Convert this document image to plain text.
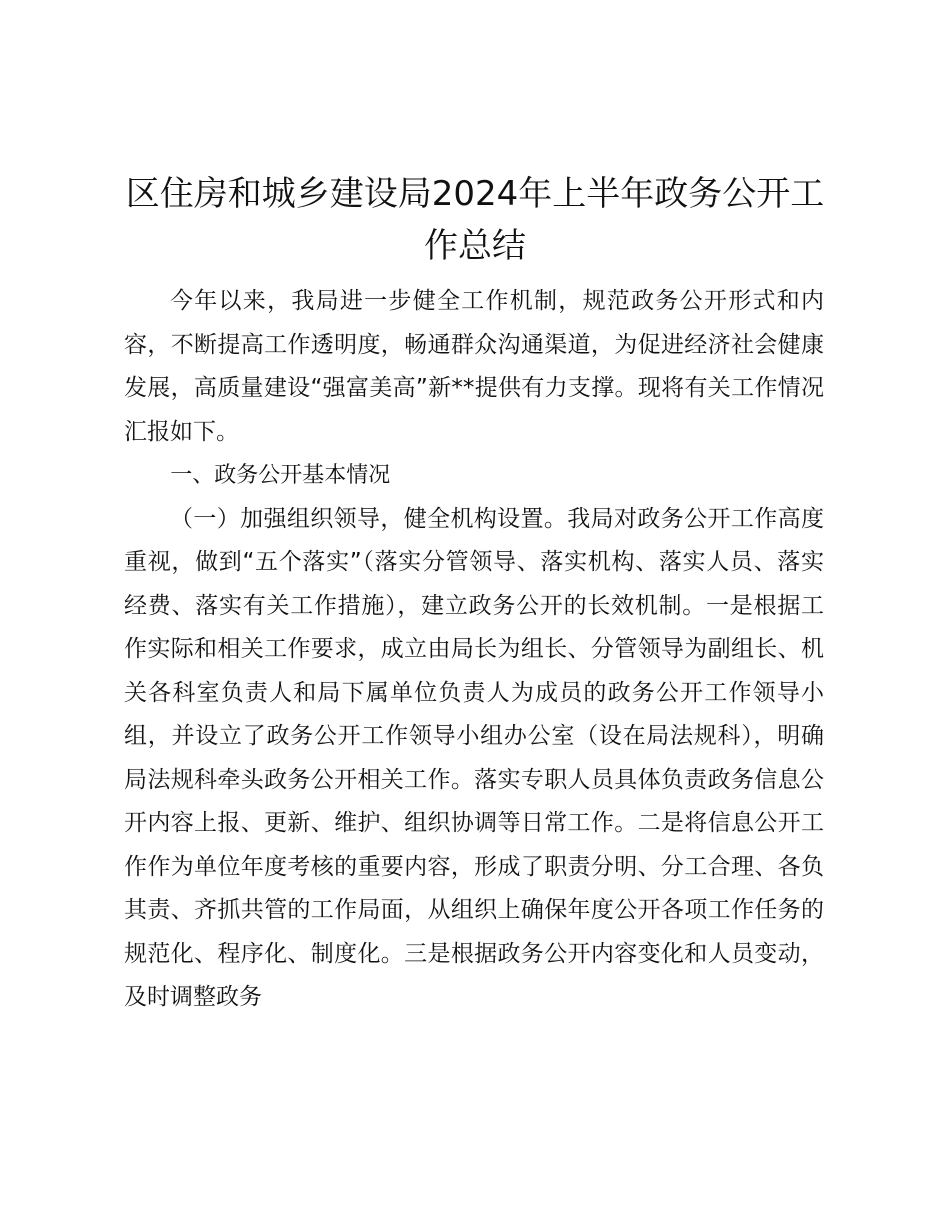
区住房和城乡建设局2024年上半年政务公开工作总结

今年以来，我局进一步健全工作机制，规范政务公开形式和内容，不断提高工作透明度，畅通群众沟通渠道，为促进经济社会健康发展，高质量建设“强富美高”新**提供有力支撑。现将有关工作情况汇报如下。

一、政务公开基本情况

（一）加强组织领导，健全机构设置。我局对政务公开工作高度重视，做到“五个落实”（落实分管领导、落实机构、落实人员、落实经费、落实有关工作措施），建立政务公开的长效机制。一是根据工作实际和相关工作要求，成立由局长为组长、分管领导为副组长、机关各科室负责人和局下属单位负责人为成员的政务公开工作领导小组，并设立了政务公开工作领导小组办公室（设在局法规科），明确局法规科牵头政务公开相关工作。落实专职人员具体负责政务信息公开内容上报、更新、维护、组织协调等日常工作。二是将信息公开工作作为单位年度考核的重要内容，形成了职责分明、分工合理、各负其责、齐抓共管的工作局面，从组织上确保年度公开各项工作任务的规范化、程序化、制度化。三是根据政务公开内容变化和人员变动，及时调整政务
